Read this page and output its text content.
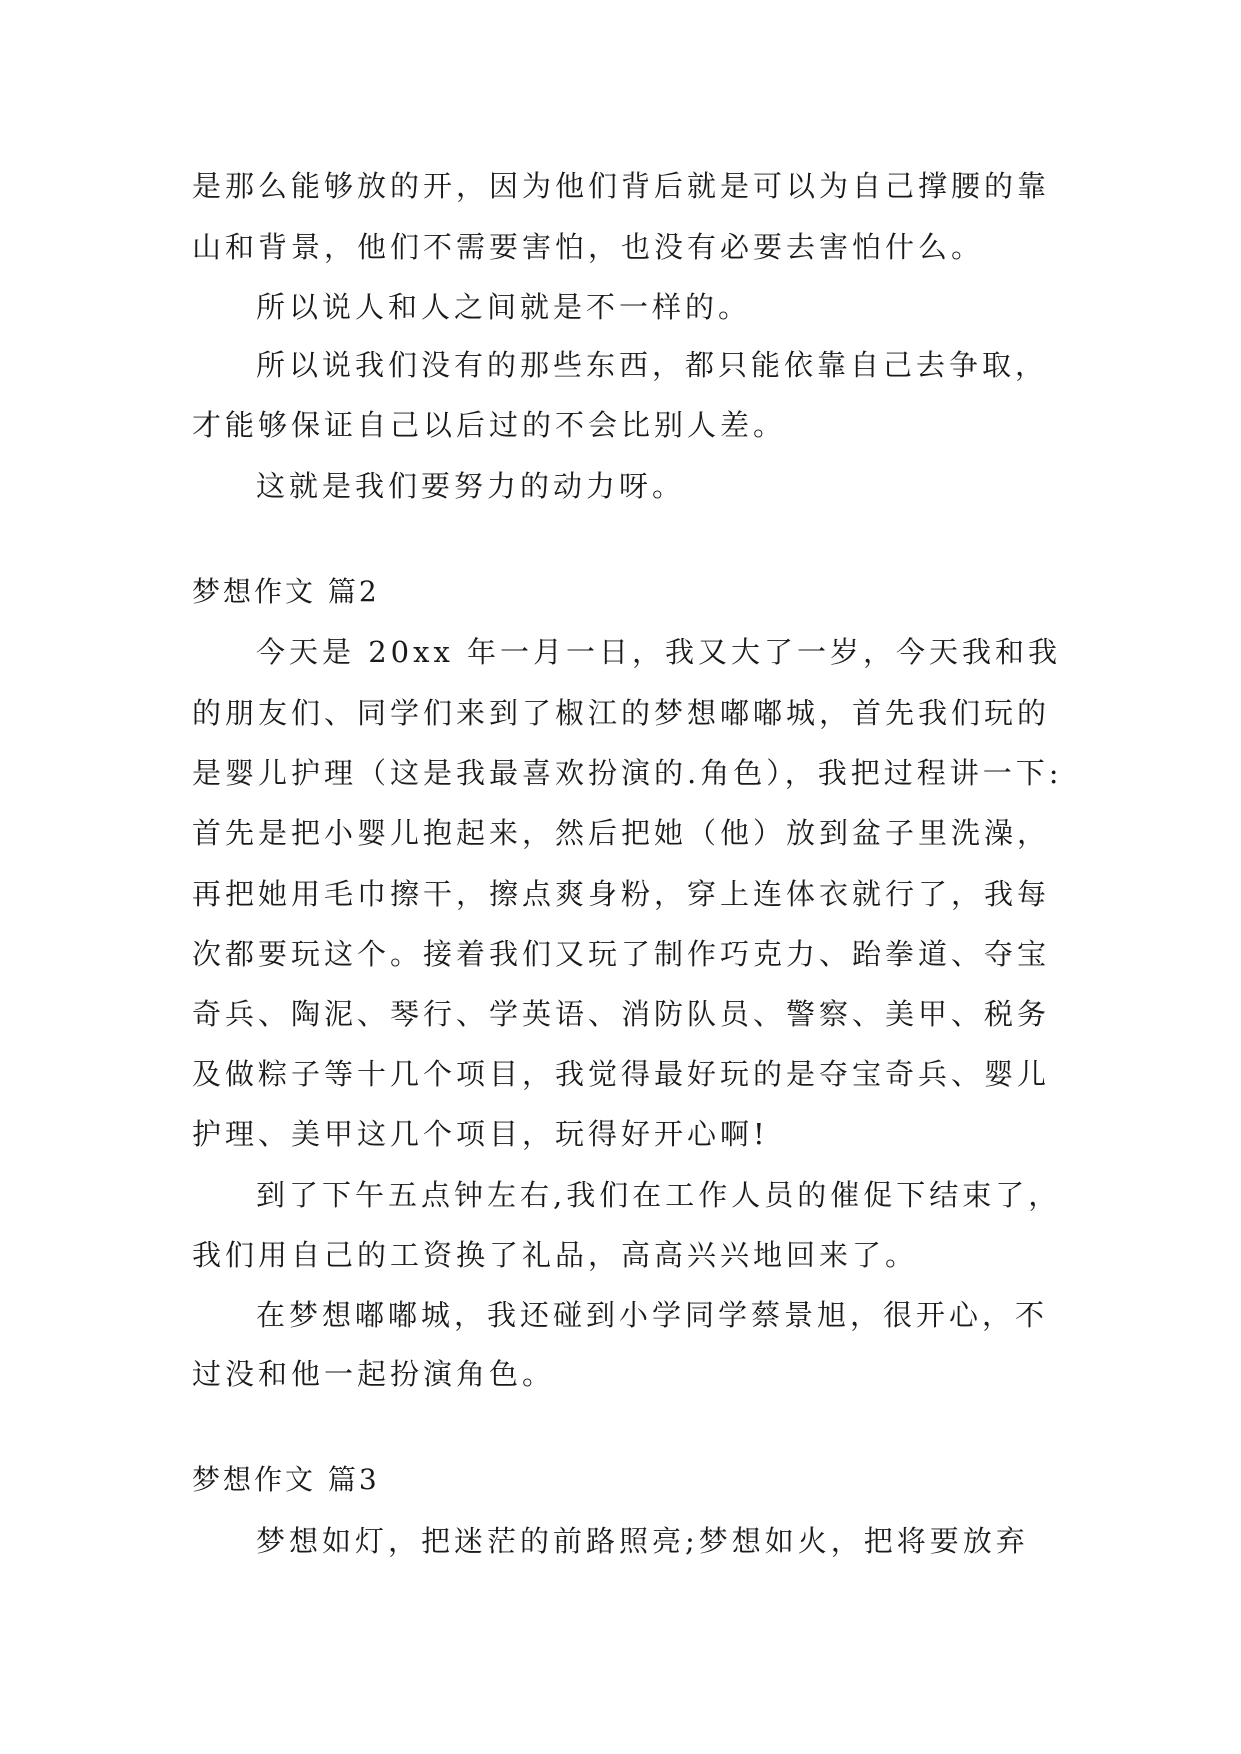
是那么能够放的开，因为他们背后就是可以为自己撑腰的靠
山和背景，他们不需要害怕，也没有必要去害怕什么。
所以说人和人之间就是不一样的。
所以说我们没有的那些东西，都只能依靠自己去争取，
才能够保证自己以后过的不会比别人差。
这就是我们要努力的动力呀。
梦想作文 篇2
今天是 20xx 年一月一日，我又大了一岁，今天我和我
的朋友们、同学们来到了椒江的梦想嘟嘟城，首先我们玩的
是婴儿护理（这是我最喜欢扮演的.角色），我把过程讲一下:
首先是把小婴儿抱起来，然后把她（他）放到盆子里洗澡，
再把她用毛巾擦干，擦点爽身粉，穿上连体衣就行了，我每
次都要玩这个。接着我们又玩了制作巧克力、跆拳道、夺宝
奇兵、陶泥、琴行、学英语、消防队员、警察、美甲、税务
及做粽子等十几个项目，我觉得最好玩的是夺宝奇兵、婴儿
护理、美甲这几个项目，玩得好开心啊!
到了下午五点钟左右,我们在工作人员的催促下结束了，
我们用自己的工资换了礼品，高高兴兴地回来了。
在梦想嘟嘟城，我还碰到小学同学蔡景旭，很开心，不
过没和他一起扮演角色。
梦想作文 篇3
梦想如灯，把迷茫的前路照亮;梦想如火，把将要放弃
